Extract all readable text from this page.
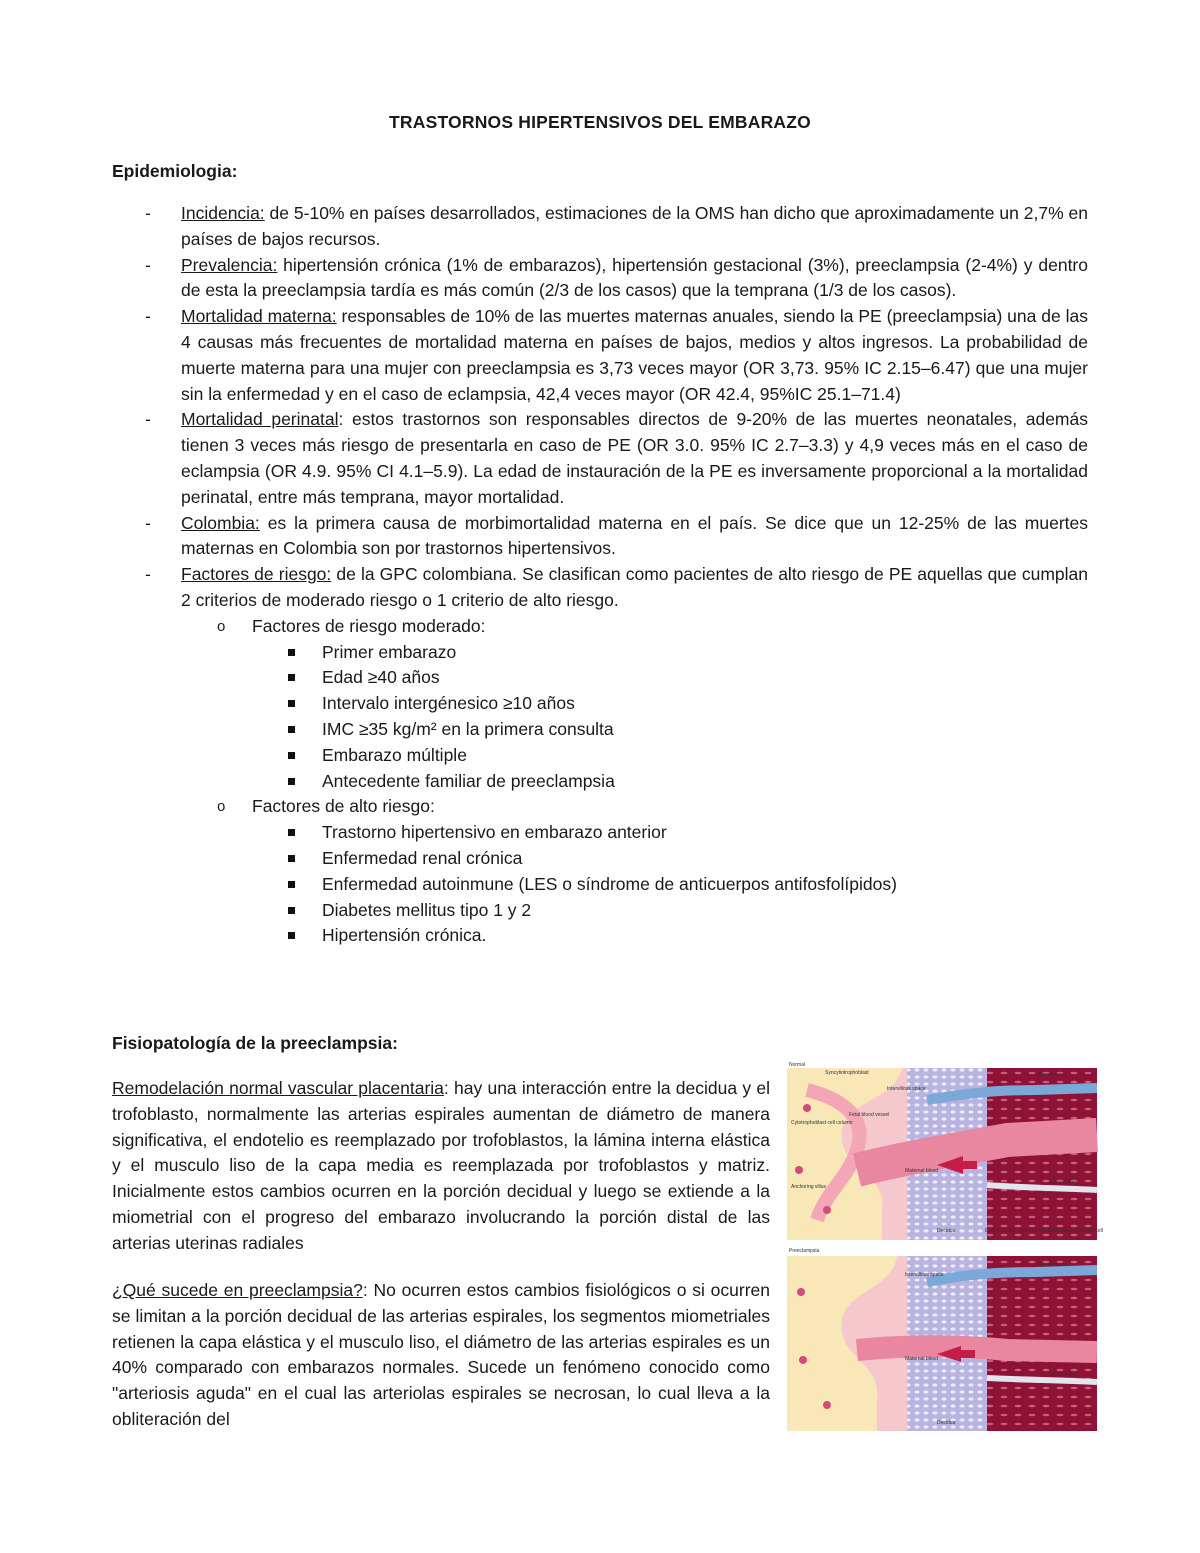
TRASTORNOS HIPERTENSIVOS DEL EMBARAZO
Epidemiologia:
- Incidencia: de 5-10% en países desarrollados, estimaciones de la OMS han dicho que aproximadamente un 2,7% en países de bajos recursos.
- Prevalencia: hipertensión crónica (1% de embarazos), hipertensión gestacional (3%), preeclampsia (2-4%) y dentro de esta la preeclampsia tardía es más común (2/3 de los casos) que la temprana (1/3 de los casos).
- Mortalidad materna: responsables de 10% de las muertes maternas anuales, siendo la PE (preeclampsia) una de las 4 causas más frecuentes de mortalidad materna en países de bajos, medios y altos ingresos. La probabilidad de muerte materna para una mujer con preeclampsia es 3,73 veces mayor (OR 3,73. 95% IC 2.15–6.47) que una mujer sin la enfermedad y en el caso de eclampsia, 42,4 veces mayor (OR 42.4, 95%IC 25.1–71.4)
- Mortalidad perinatal: estos trastornos son responsables directos de 9-20% de las muertes neonatales, además tienen 3 veces más riesgo de presentarla en caso de PE (OR 3.0. 95% IC 2.7–3.3) y 4,9 veces más en el caso de eclampsia (OR 4.9. 95% CI 4.1–5.9). La edad de instauración de la PE es inversamente proporcional a la mortalidad perinatal, entre más temprana, mayor mortalidad.
- Colombia: es la primera causa de morbimortalidad materna en el país. Se dice que un 12-25% de las muertes maternas en Colombia son por trastornos hipertensivos.
- Factores de riesgo: de la GPC colombiana. Se clasifican como pacientes de alto riesgo de PE aquellas que cumplan 2 criterios de moderado riesgo o 1 criterio de alto riesgo.
o Factores de riesgo moderado:
Primer embarazo
Edad ≥40 años
Intervalo intergénesico ≥10 años
IMC ≥35 kg/m² en la primera consulta
Embarazo múltiple
Antecedente familiar de preeclampsia
o Factores de alto riesgo:
Trastorno hipertensivo en embarazo anterior
Enfermedad renal crónica
Enfermedad autoinmune (LES o síndrome de anticuerpos antifosfolípidos)
Diabetes mellitus tipo 1 y 2
Hipertensión crónica.
Fisiopatología de la preeclampsia:
Remodelación normal vascular placentaria: hay una interacción entre la decidua y el trofoblasto, normalmente las arterias espirales aumentan de diámetro de manera significativa, el endotelio es reemplazado por trofoblastos, la lámina interna elástica y el musculo liso de la capa media es reemplazada por trofoblastos y matriz. Inicialmente estos cambios ocurren en la porción decidual y luego se extiende a la miometrial con el progreso del embarazo involucrando la porción distal de las arterias uterinas radiales
¿Qué sucede en preeclampsia?: No ocurren estos cambios fisiológicos o si ocurren se limitan a la porción decidual de las arterias espirales, los segmentos miometriales retienen la capa elástica y el musculo liso, el diámetro de las arterias espirales es un 40% comparado con embarazos normales. Sucede un fenómeno conocido como "arteriosis aguda" en el cual las arteriolas espirales se necrosan, lo cual lleva a la obliteración del
Normal
Myometrium
Syncytiotrophoblast
Intervillous space
Cytotrophoblast cell column
Fetal blood vessel
Anchoring villus
Maternal blood
Spiral artery
Decidua	Endovascular cytotrophoblast
Maternal endothelial cell
Preeclampsia
Myometrium
Intervillous space
Maternal blood
Spiral artery
Decidua
